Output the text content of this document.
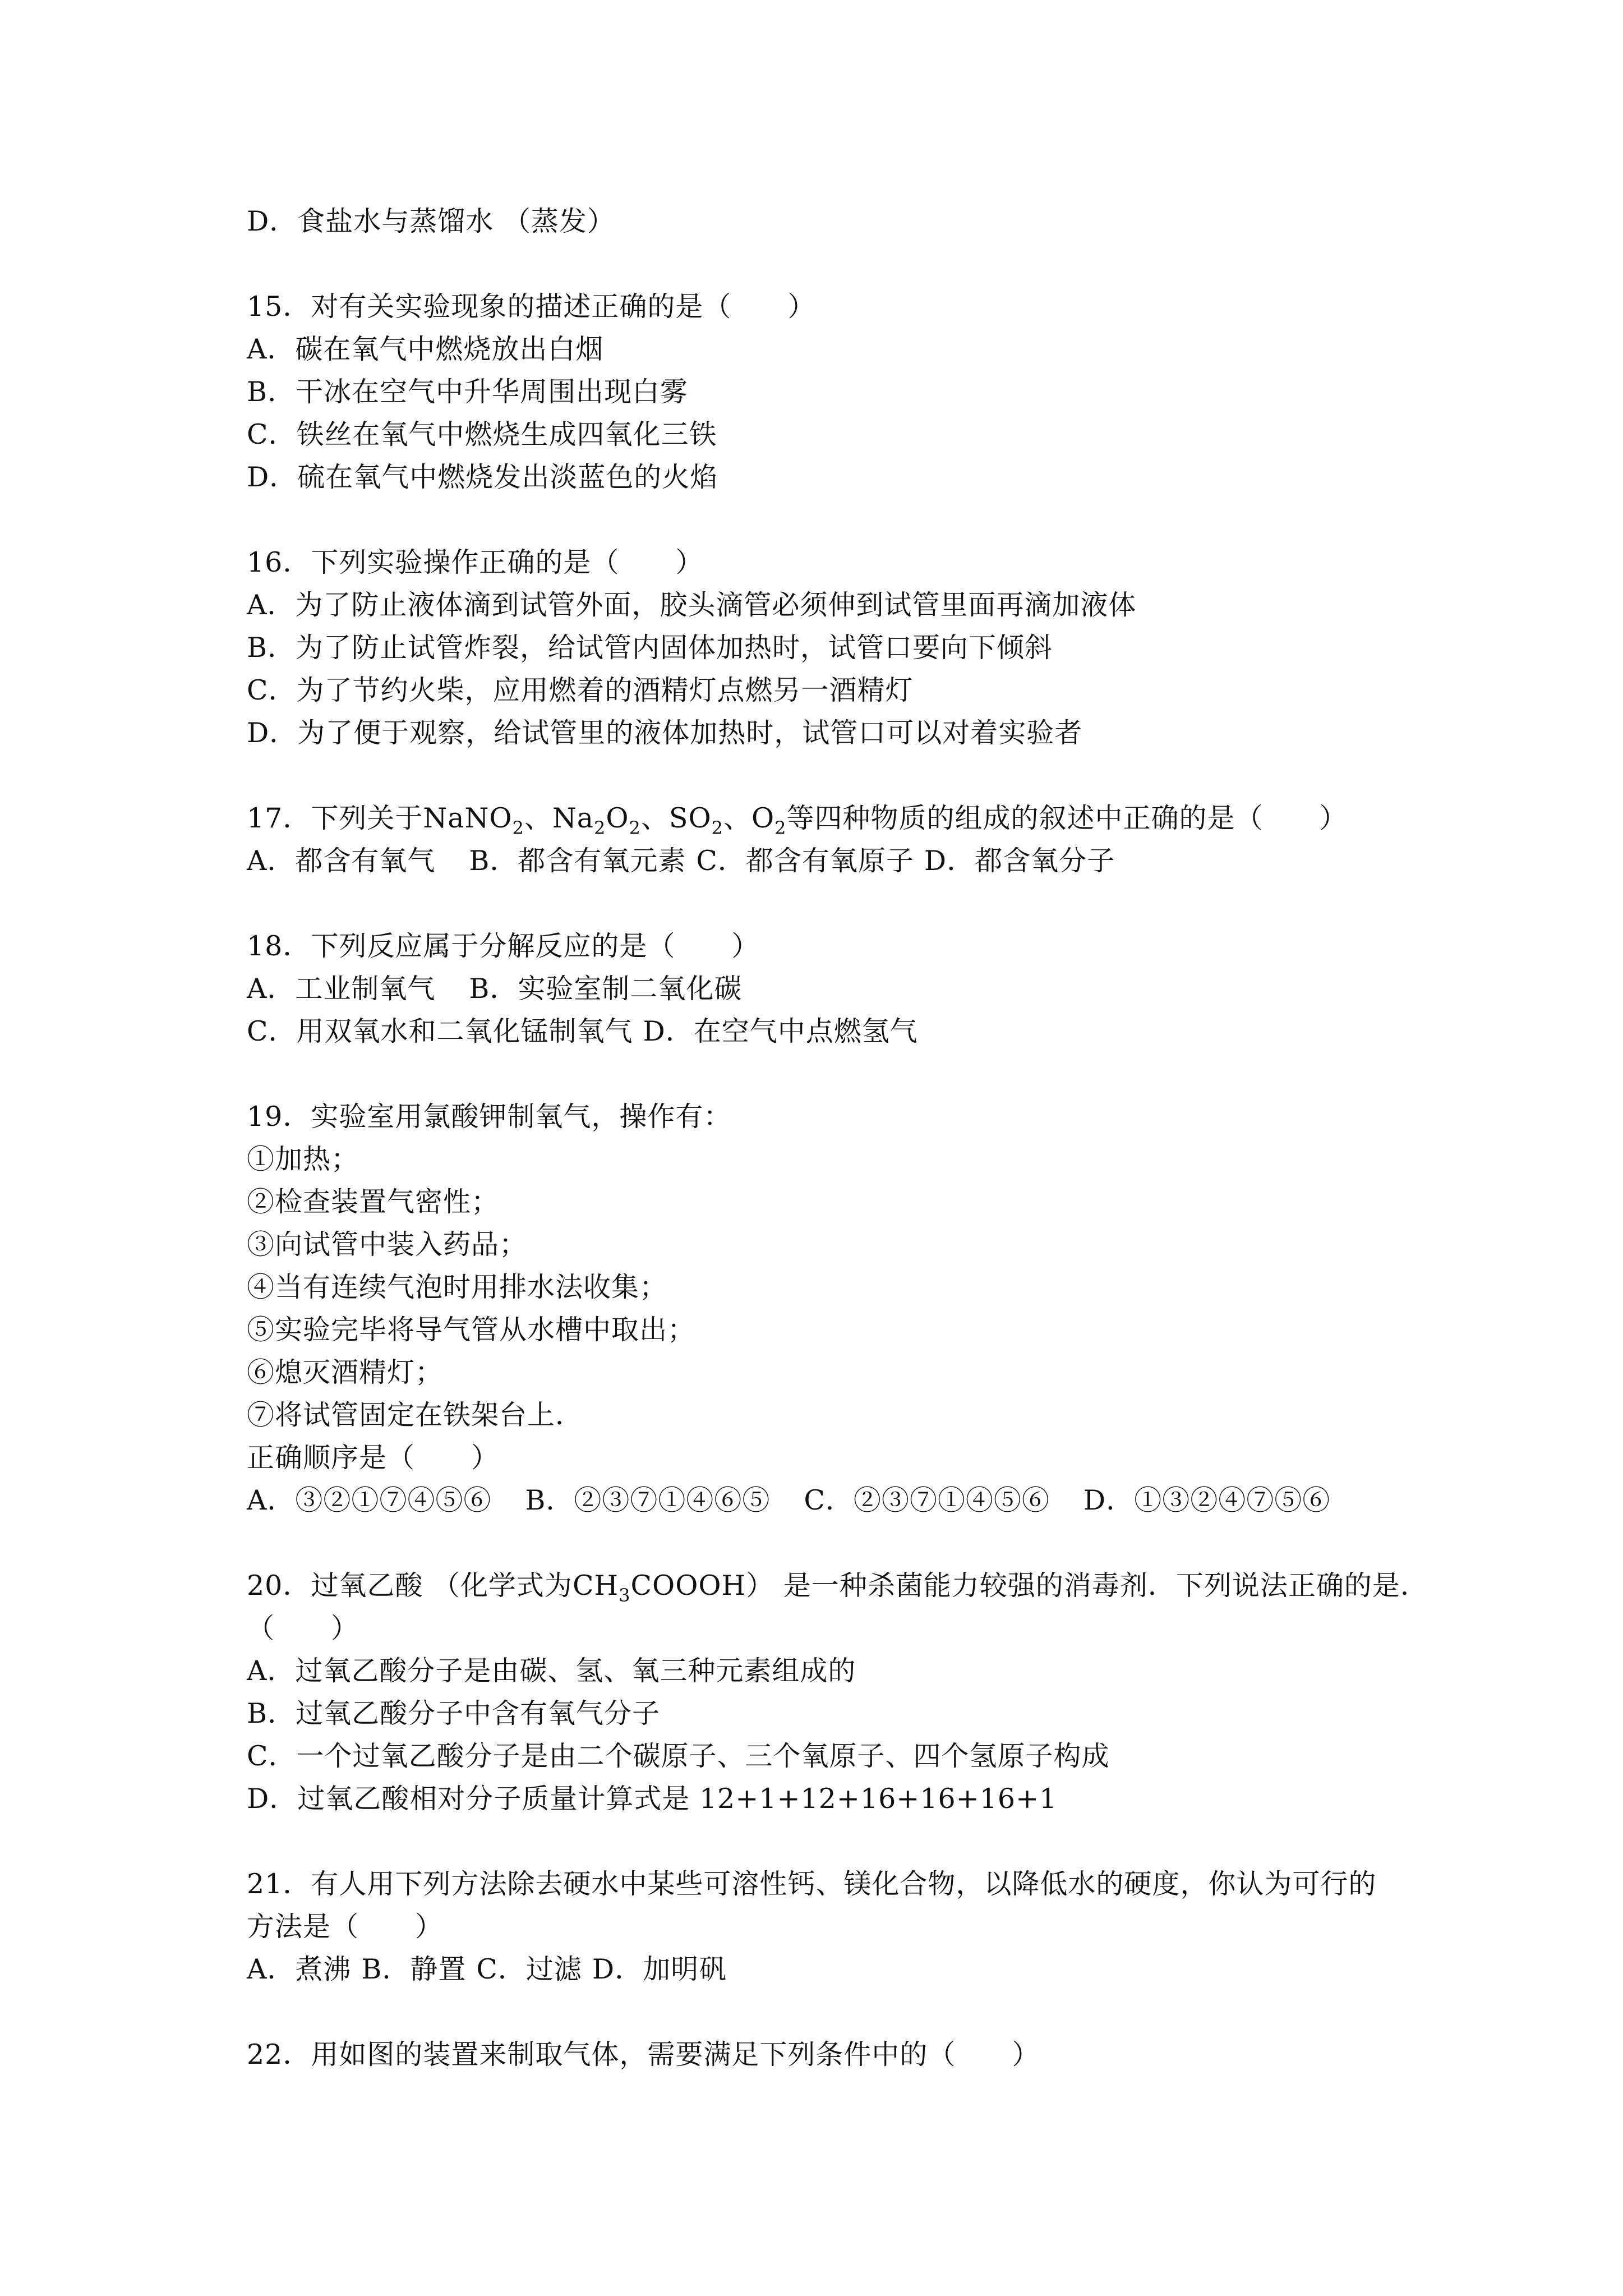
D．食盐水与蒸馏水 （蒸发）
15．对有关实验现象的描述正确的是（　　）
A．碳在氧气中燃烧放出白烟
B．干冰在空气中升华周围出现白雾
C．铁丝在氧气中燃烧生成四氧化三铁
D．硫在氧气中燃烧发出淡蓝色的火焰
16．下列实验操作正确的是（　　）
A．为了防止液体滴到试管外面，胶头滴管必须伸到试管里面再滴加液体
B．为了防止试管炸裂，给试管内固体加热时，试管口要向下倾斜
C．为了节约火柴，应用燃着的酒精灯点燃另一酒精灯
D．为了便于观察，给试管里的液体加热时，试管口可以对着实验者
17．下列关于NaNO$_2$、$Na_2O_2$、$SO_2$、$O_2$等四种物质的组成的叙述中正确的是（　　）
A．都含有氧气 B．都含有氧元素 C．都含有氧原子 D．都含氧分子
18．下列反应属于分解反应的是（　　）
A．工业制氧气 B．实验室制二氧化碳
C．用双氧水和二氧化锰制氧气 D．在空气中点燃氢气
19．实验室用氯酸钾制氧气，操作有：
①加热；
②检查装置气密性；
③向试管中装入药品；
④当有连续气泡时用排水法收集；
⑤实验完毕将导气管从水槽中取出；
⑥熄灭酒精灯；
⑦将试管固定在铁架台上．
正确顺序是（　　）
A．③②①⑦④⑤⑥ B．②③⑦①④⑥⑤ C．②③⑦①④⑤⑥ D．①③②④⑦⑤⑥
20．过氧乙酸 （化学式为$CH_3COOOH$） 是一种杀菌能力较强的消毒剂．下列说法正确的是．
（　　）
A．过氧乙酸分子是由碳、氢、氧三种元素组成的
B．过氧乙酸分子中含有氧气分子
C．一个过氧乙酸分子是由二个碳原子、三个氧原子、四个氢原子构成
D．过氧乙酸相对分子质量计算式是 12+1+12+16+16+16+1
21．有人用下列方法除去硬水中某些可溶性钙、镁化合物，以降低水的硬度，你认为可行的
方法是（　　）
A．煮沸 B．静置 C．过滤 D．加明矾
22．用如图的装置来制取气体，需要满足下列条件中的（　　）
